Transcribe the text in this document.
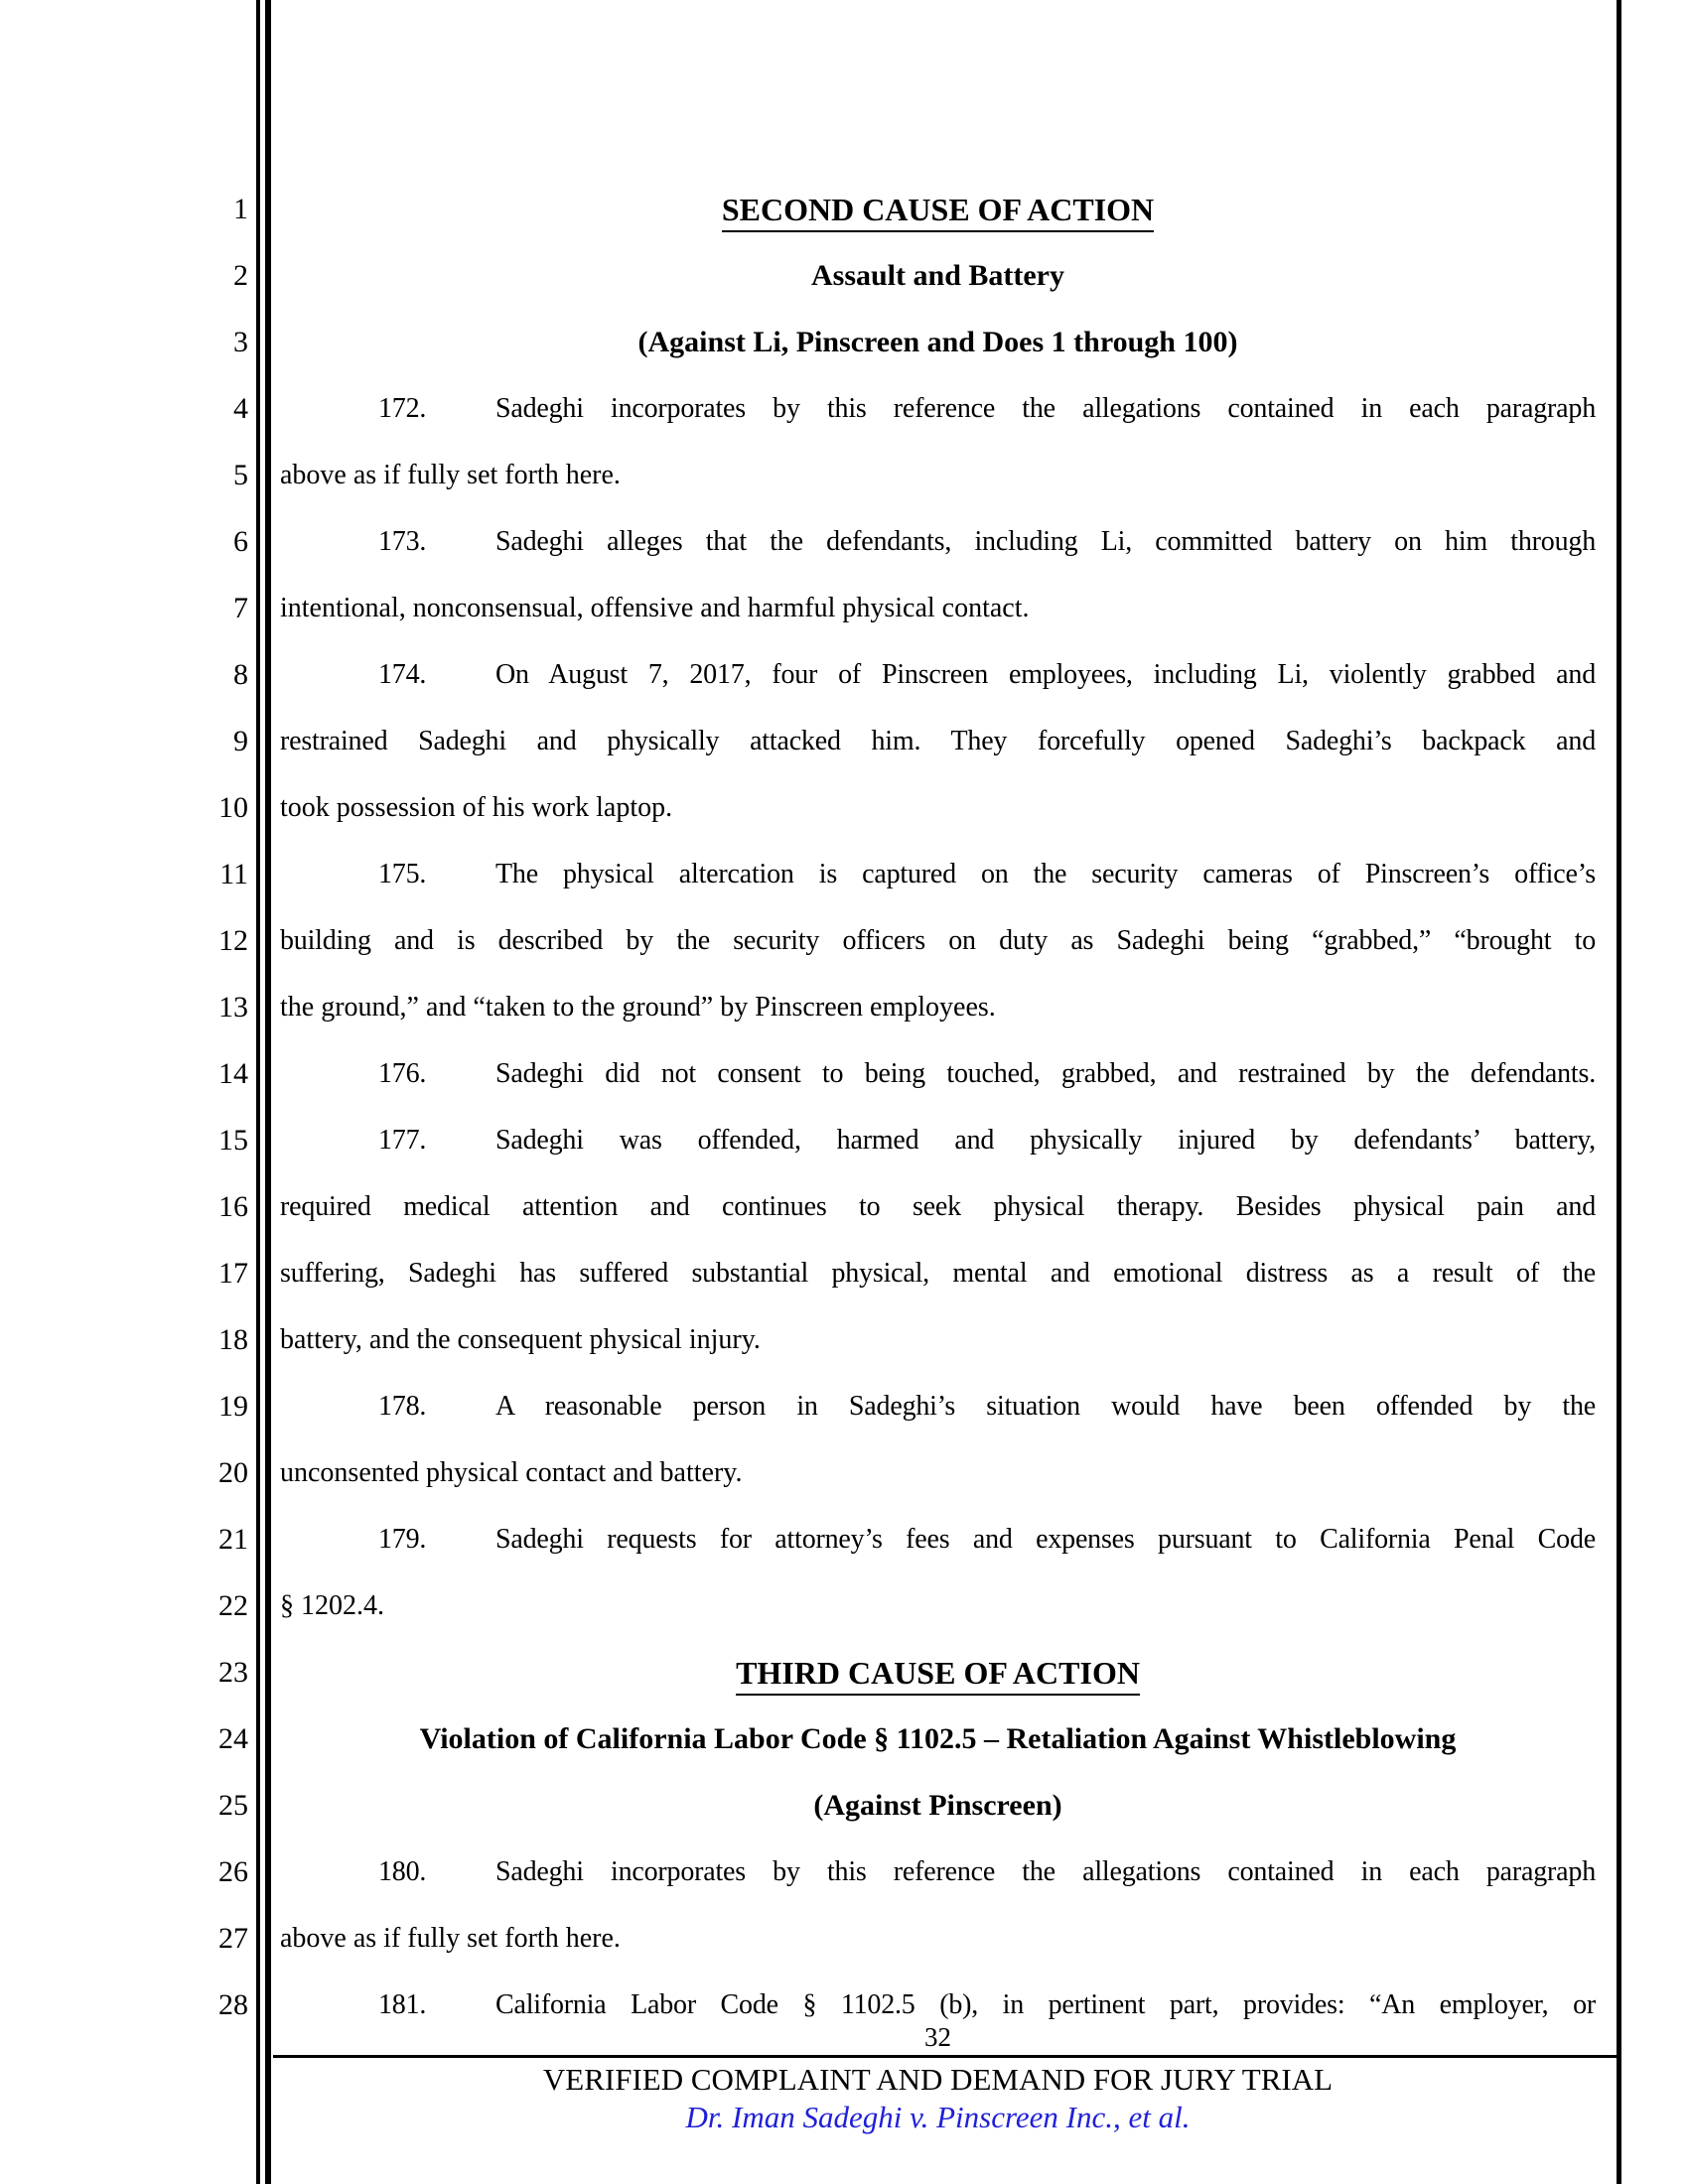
1
2
3
4
5
6
7
8
9
10
11
12
13
14
15
16
17
18
19
20
21
22
23
24
25
26
27
28
SECOND CAUSE OF ACTION
Assault and Battery
(Against Li, Pinscreen and Does 1 through 100)
172. Sadeghi incorporates by this reference the allegations contained in each paragraph
above as if fully set forth here.
173. Sadeghi alleges that the defendants, including Li, committed battery on him through
intentional, nonconsensual, offensive and harmful physical contact.
174. On August 7, 2017, four of Pinscreen employees, including Li, violently grabbed and
restrained Sadeghi and physically attacked him. They forcefully opened Sadeghi’s backpack and
took possession of his work laptop.
175. The physical altercation is captured on the security cameras of Pinscreen’s office’s
building and is described by the security officers on duty as Sadeghi being “grabbed,” “brought to
the ground,” and “taken to the ground” by Pinscreen employees.
176. Sadeghi did not consent to being touched, grabbed, and restrained by the defendants.
177. Sadeghi was offended, harmed and physically injured by defendants’ battery,
required medical attention and continues to seek physical therapy. Besides physical pain and
suffering, Sadeghi has suffered substantial physical, mental and emotional distress as a result of the
battery, and the consequent physical injury.
178. A reasonable person in Sadeghi’s situation would have been offended by the
unconsented physical contact and battery.
179. Sadeghi requests for attorney’s fees and expenses pursuant to California Penal Code
§ 1202.4.
THIRD CAUSE OF ACTION
Violation of California Labor Code § 1102.5 – Retaliation Against Whistleblowing
(Against Pinscreen)
180. Sadeghi incorporates by this reference the allegations contained in each paragraph
above as if fully set forth here.
181. California Labor Code § 1102.5 (b), in pertinent part, provides: “An employer, or
32
VERIFIED COMPLAINT AND DEMAND FOR JURY TRIAL
Dr. Iman Sadeghi v. Pinscreen Inc., et al.
